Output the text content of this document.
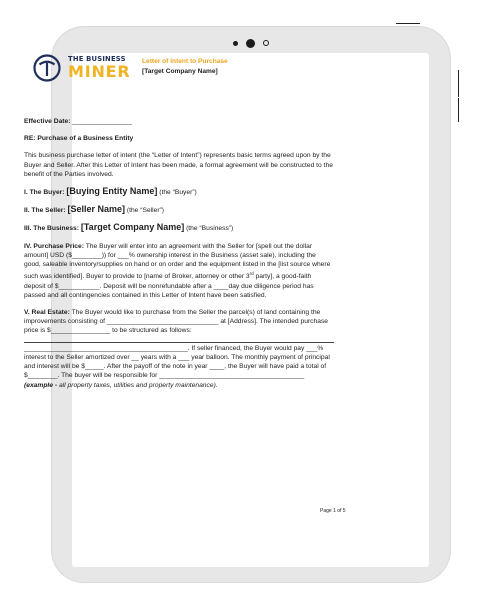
THE BUSINESS
MINER
Letter of Intent to Purchase
[Target Company Name]

Effective Date: ________________

RE: Purchase of a Business Entity

This business purchase letter of intent (the “Letter of Intent”) represents basic terms agreed upon by the Buyer and Seller. After this Letter of Intent has been made, a formal agreement will be constructed to the benefit of the Parties involved.

I. The Buyer: [Buying Entity Name] (the “Buyer”)

II. The Seller: [Seller Name] (the “Seller”)

III. The Business: [Target Company Name] (the “Business”)

IV. Purchase Price: The Buyer will enter into an agreement with the Seller for [spell out the dollar amount] USD ($________)) for ___% ownership interest in the Business (asset sale), including the good, saleable inventory/supplies on hand or on order and the equipment listed in the [list source where such was identified]. Buyer to provide to [name of Broker, attorney or other 3rd party], a good-faith deposit of $___________. Deposit will be nonrefundable after a ____day due diligence period has passed and all contingencies contained in this Letter of Intent have been satisfied.

V. Real Estate: The Buyer would like to purchase from the Seller the parcel(s) of land containing the improvements consisting of ______________________________ at [Address]. The intended purchase price is $________________ to be structured as follows:

____________________________________________. If seller financed, the Buyer would pay ___% interest to the Seller amortized over __ years with a ___ year balloon. The monthly payment of principal and interest will be $_____. After the payoff of the note in year ____, the Buyer will have paid a total of $________. The buyer will be responsible for _______________________________________ (example - all property taxes, utilities and property maintenance).

Page 1 of 5
